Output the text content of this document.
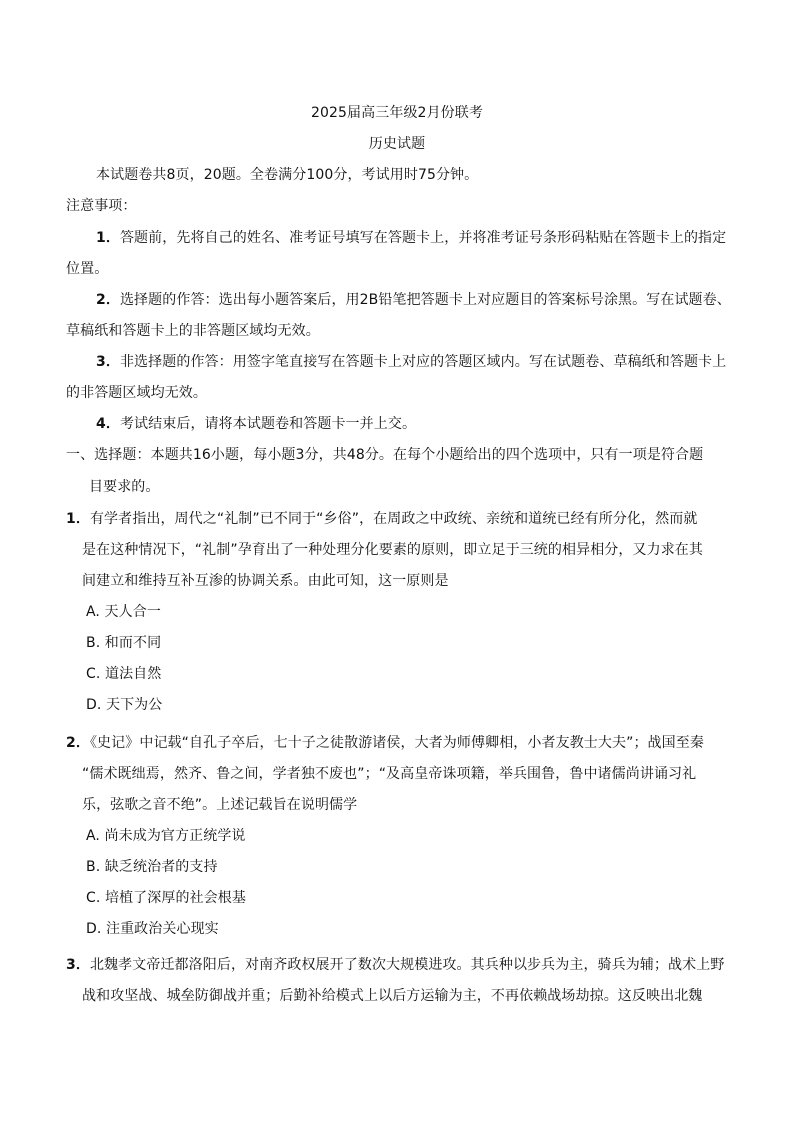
2025届高三年级2月份联考
历史试题
本试题卷共8页，20题。全卷满分100分，考试用时75分钟。
注意事项：
1．答题前，先将自己的姓名、准考证号填写在答题卡上，并将准考证号条形码粘贴在答题卡上的指定
位置。
2．选择题的作答：选出每小题答案后，用2B铅笔把答题卡上对应题目的答案标号涂黑。写在试题卷、
草稿纸和答题卡上的非答题区域均无效。
3．非选择题的作答：用签字笔直接写在答题卡上对应的答题区域内。写在试题卷、草稿纸和答题卡上
的非答题区域均无效。
4．考试结束后，请将本试题卷和答题卡一并上交。
一、选择题：本题共16小题，每小题3分，共48分。在每个小题给出的四个选项中，只有一项是符合题
目要求的。
1．有学者指出，周代之“礼制”已不同于“乡俗”，在周政之中政统、亲统和道统已经有所分化，然而就
是在这种情况下，“礼制”孕育出了一种处理分化要素的原则，即立足于三统的相异相分，又力求在其
间建立和维持互补互渗的协调关系。由此可知，这一原则是
A. 天人合一
B. 和而不同
C. 道法自然
D. 天下为公
2．《史记》中记载“自孔子卒后，七十子之徒散游诸侯，大者为师傅卿相，小者友教士大夫”；战国至秦
“儒术既绌焉，然齐、鲁之间，学者独不废也”；“及高皇帝诛项籍，举兵围鲁，鲁中诸儒尚讲诵习礼
乐，弦歌之音不绝”。上述记载旨在说明儒学
A. 尚未成为官方正统学说
B. 缺乏统治者的支持
C. 培植了深厚的社会根基
D. 注重政治关心现实
3．北魏孝文帝迁都洛阳后，对南齐政权展开了数次大规模进攻。其兵种以步兵为主，骑兵为辅；战术上野
战和攻坚战、城垒防御战并重；后勤补给模式上以后方运输为主，不再依赖战场劫掠。这反映出北魏
